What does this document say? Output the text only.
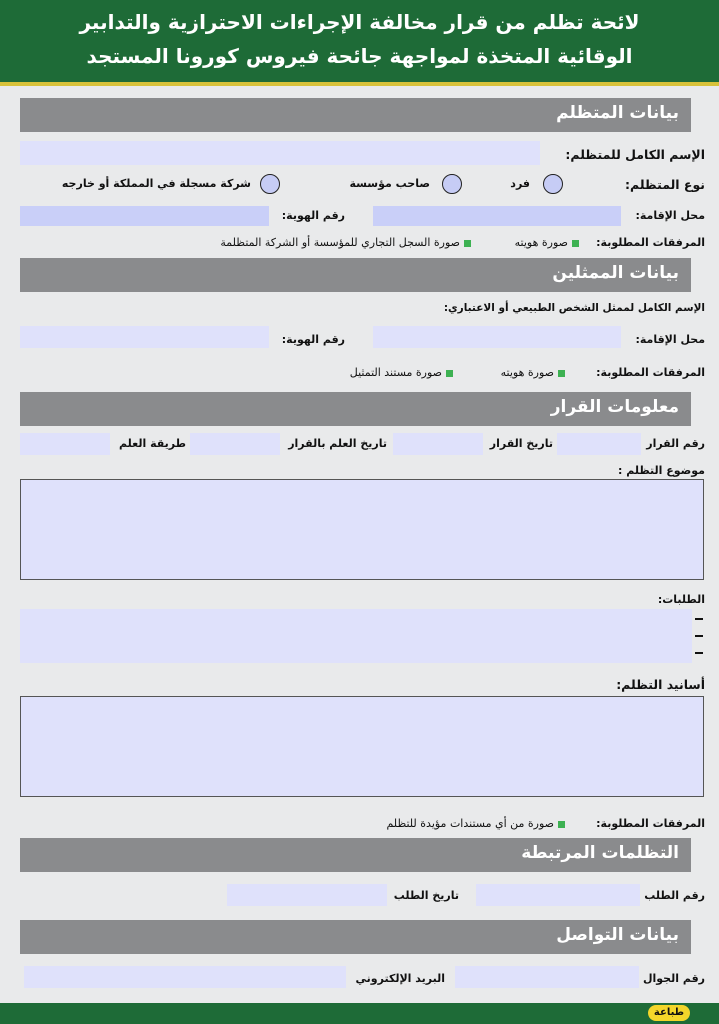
لائحة تظلم من قرار مخالفة الإجراءات الاحترازية والتدابير
الوقائية المتخذة لمواجهة جائحة فيروس كورونا المستجد
بيانات المتظلم
الإسم الكامل للمتظلم:
نوع المتظلم:
فرد
صاحب مؤسسة
شركة مسجلة في المملكة أو خارجه
محل الإقامة:
رقم الهوية:
المرفقات المطلوبة:
صورة هويته
صورة السجل التجاري للمؤسسة أو الشركة المتظلمة
بيانات الممثلين
الإسم الكامل لممثل الشخص الطبيعي أو الاعتباري:
محل الإقامة:
رقم الهوية:
المرفقات المطلوبة:
صورة هويته
صورة مستند التمثيل
معلومات القرار
رقم القرار
تاريخ القرار
تاريخ العلم بالقرار
طريقة العلم
موضوع التظلم :
الطلبات:
أسانيد التظلم:
المرفقات المطلوبة:
صورة من أي مستندات مؤيدة للتظلم
التظلمات المرتبطة
رقم الطلب
تاريخ الطلب
بيانات التواصل
رقم الجوال
البريد الإلكتروني
طباعة
